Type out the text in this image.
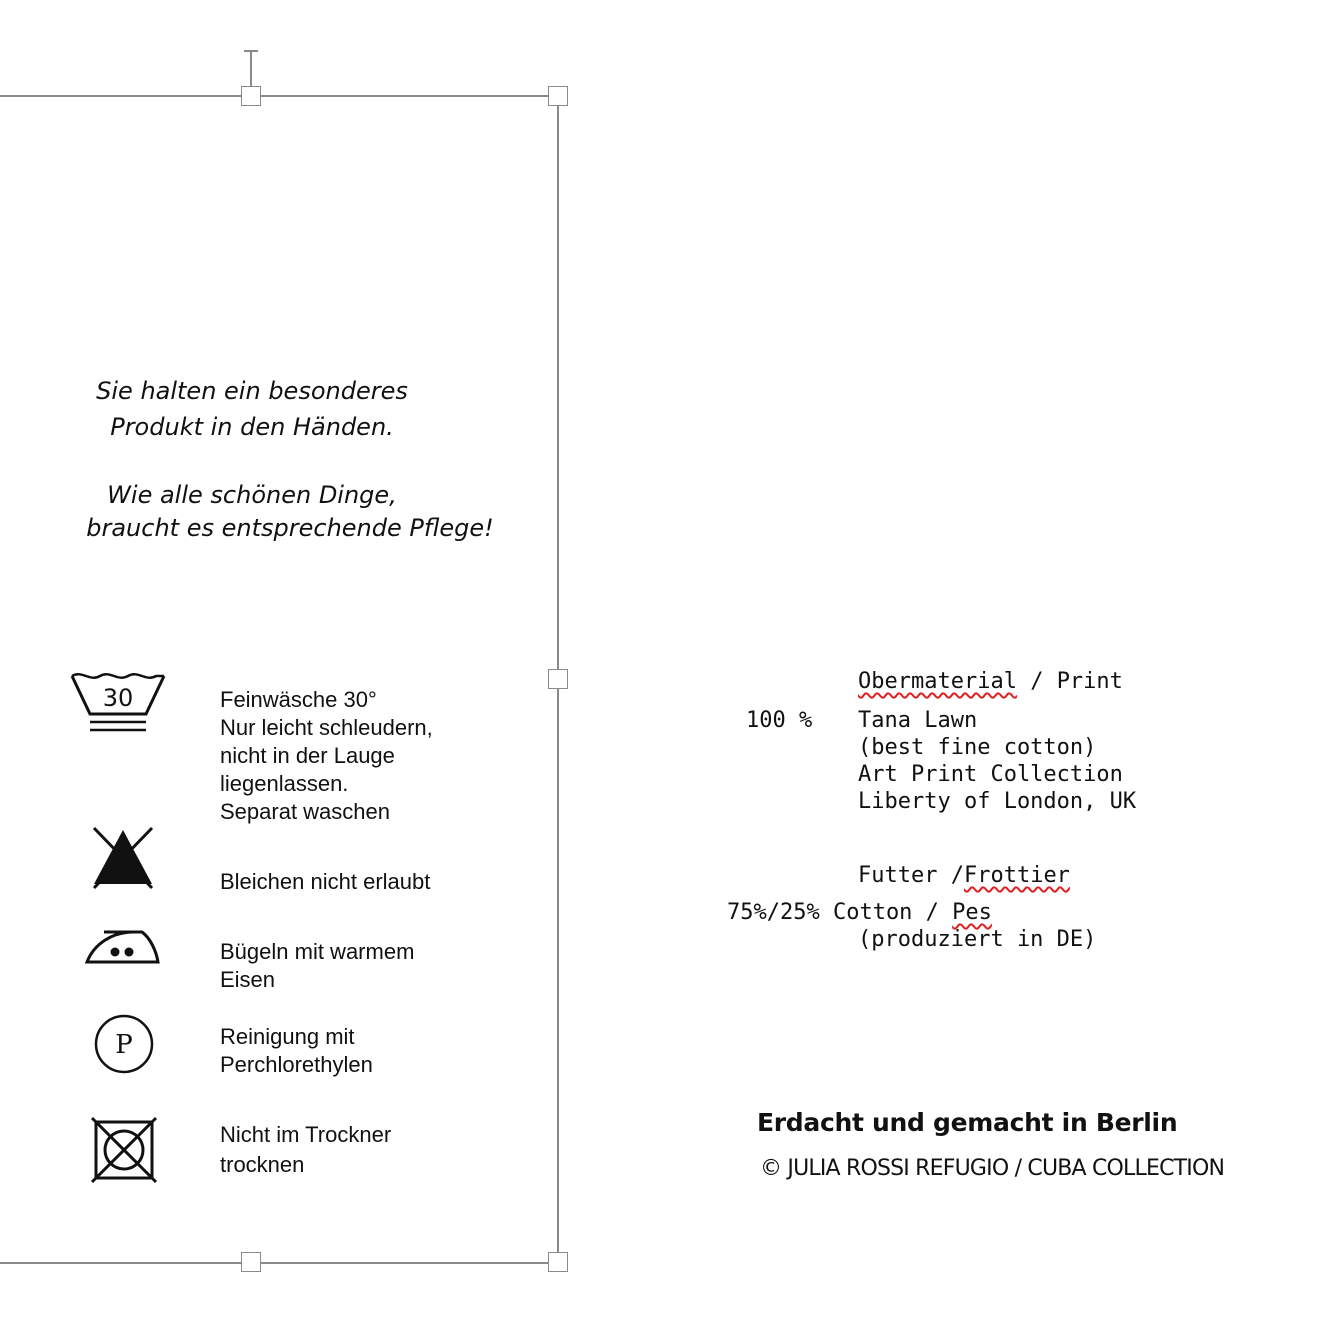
Sie halten ein besonderes
Produkt in den Händen.
Wie alle schönen Dinge,
braucht es entsprechende Pflege!
30	Feinwäsche 30°
Nur leicht schleudern,
nicht in der Lauge
liegenlassen.
Separat waschen
Bleichen nicht erlaubt
Bügeln mit warmem
Eisen
P	Reinigung mit
Perchlorethylen
Nicht im Trockner
trocknen
Obermaterial / Print
100 % Tana Lawn
(best fine cotton)
Art Print Collection
Liberty of London, UK
Futter /Frottier
75%/25% Cotton / Pes
(produziert in DE)
Erdacht und gemacht in Berlin
© JULIA ROSSI REFUGIO / CUBA COLLECTION
